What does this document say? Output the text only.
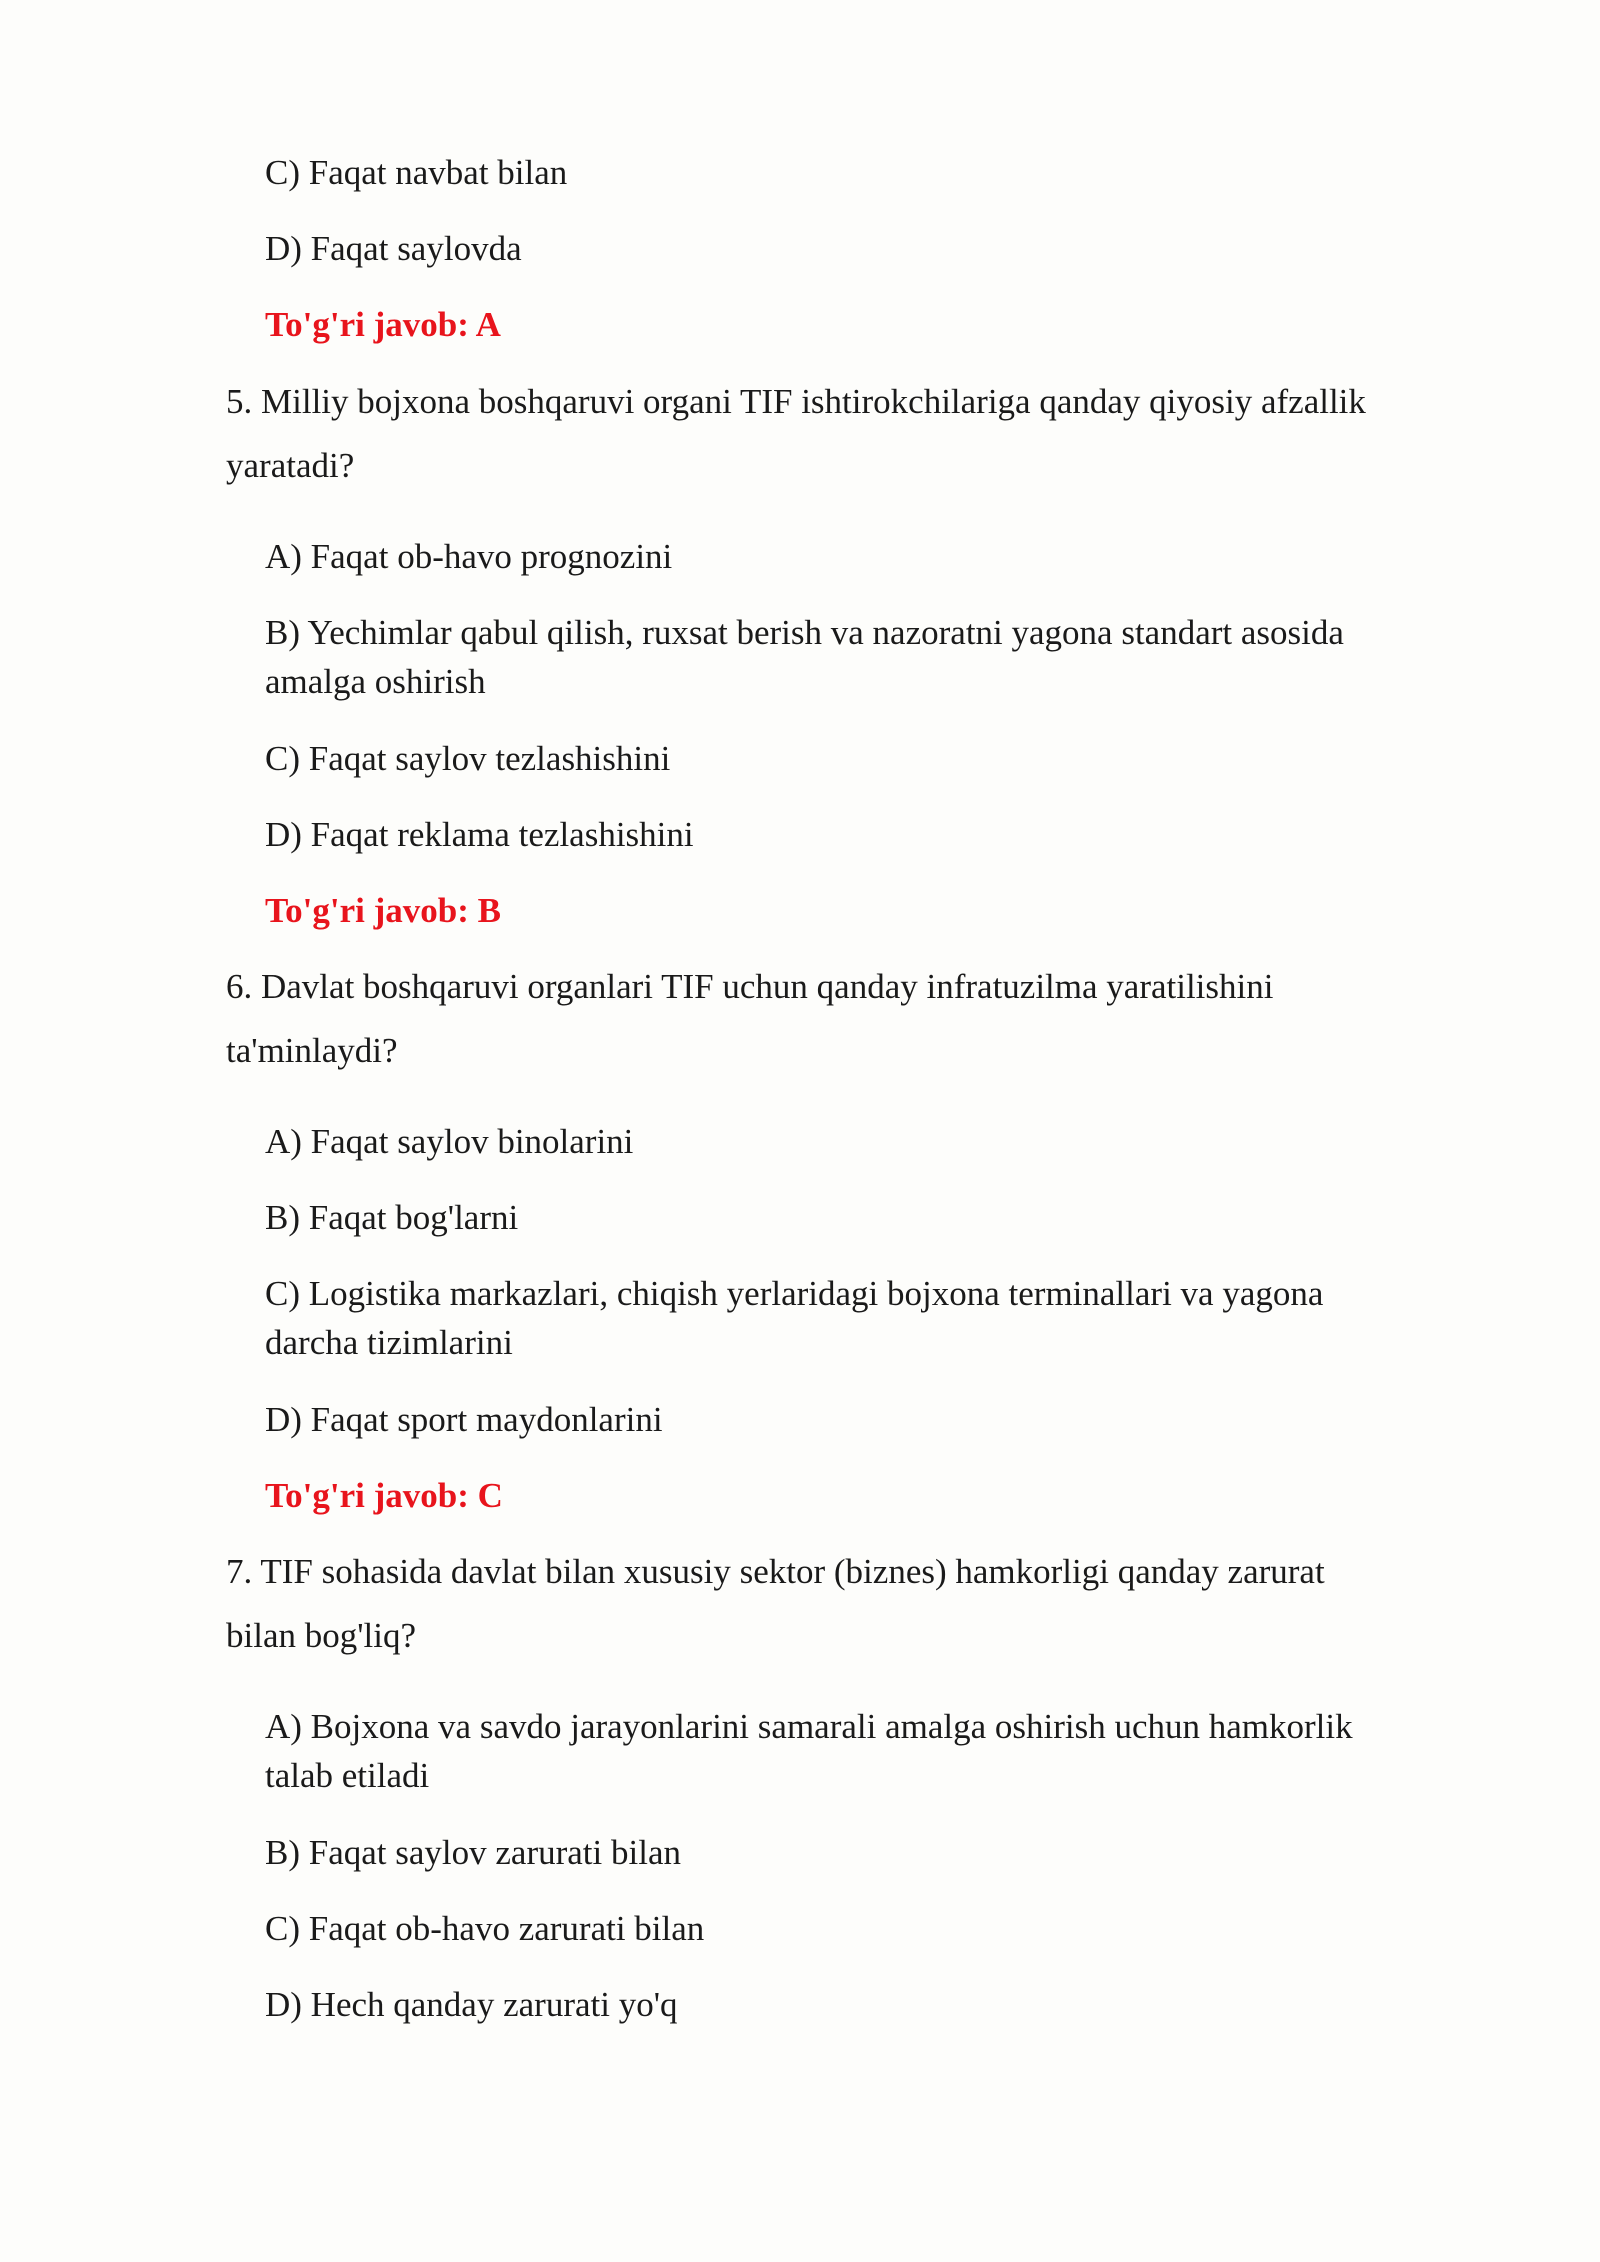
C) Faqat navbat bilan
D) Faqat saylovda
To'g'ri javob: A
5. Milliy bojxona boshqaruvi organi TIF ishtirokchilariga qanday qiyosiy afzallik
yaratadi?
A) Faqat ob-havo prognozini
B) Yechimlar qabul qilish, ruxsat berish va nazoratni yagona standart asosida
amalga oshirish
C) Faqat saylov tezlashishini
D) Faqat reklama tezlashishini
To'g'ri javob: B
6. Davlat boshqaruvi organlari TIF uchun qanday infratuzilma yaratilishini
ta'minlaydi?
A) Faqat saylov binolarini
B) Faqat bog'larni
C) Logistika markazlari, chiqish yerlaridagi bojxona terminallari va yagona
darcha tizimlarini
D) Faqat sport maydonlarini
To'g'ri javob: C
7. TIF sohasida davlat bilan xususiy sektor (biznes) hamkorligi qanday zarurat
bilan bog'liq?
A) Bojxona va savdo jarayonlarini samarali amalga oshirish uchun hamkorlik
talab etiladi
B) Faqat saylov zarurati bilan
C) Faqat ob-havo zarurati bilan
D) Hech qanday zarurati yo'q
